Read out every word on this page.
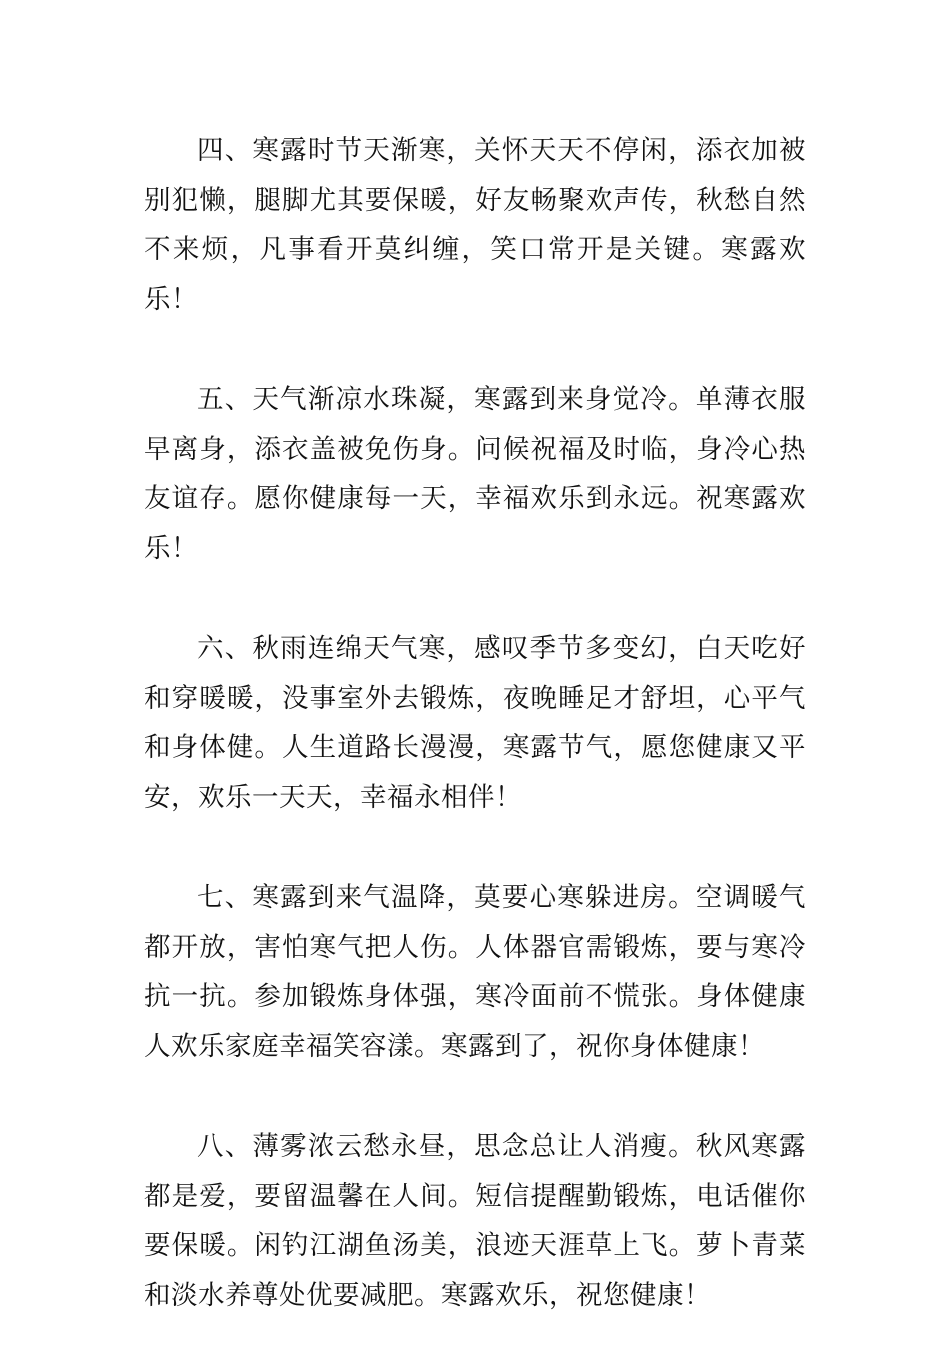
四、寒露时节天渐寒，关怀天天不停闲，添衣加被别犯懒，腿脚尤其要保暖，好友畅聚欢声传，秋愁自然不来烦，凡事看开莫纠缠，笑口常开是关键。寒露欢乐！

五、天气渐凉水珠凝，寒露到来身觉冷。单薄衣服早离身，添衣盖被免伤身。问候祝福及时临，身冷心热友谊存。愿你健康每一天，幸福欢乐到永远。祝寒露欢乐！

六、秋雨连绵天气寒，感叹季节多变幻，白天吃好和穿暖暖，没事室外去锻炼，夜晚睡足才舒坦，心平气和身体健。人生道路长漫漫，寒露节气，愿您健康又平安，欢乐一天天，幸福永相伴！

七、寒露到来气温降，莫要心寒躲进房。空调暖气都开放，害怕寒气把人伤。人体器官需锻炼，要与寒冷抗一抗。参加锻炼身体强，寒冷面前不慌张。身体健康人欢乐家庭幸福笑容漾。寒露到了，祝你身体健康！

八、薄雾浓云愁永昼，思念总让人消瘦。秋风寒露都是爱，要留温馨在人间。短信提醒勤锻炼，电话催你要保暖。闲钓江湖鱼汤美，浪迹天涯草上飞。萝卜青菜和淡水养尊处优要减肥。寒露欢乐，祝您健康！
